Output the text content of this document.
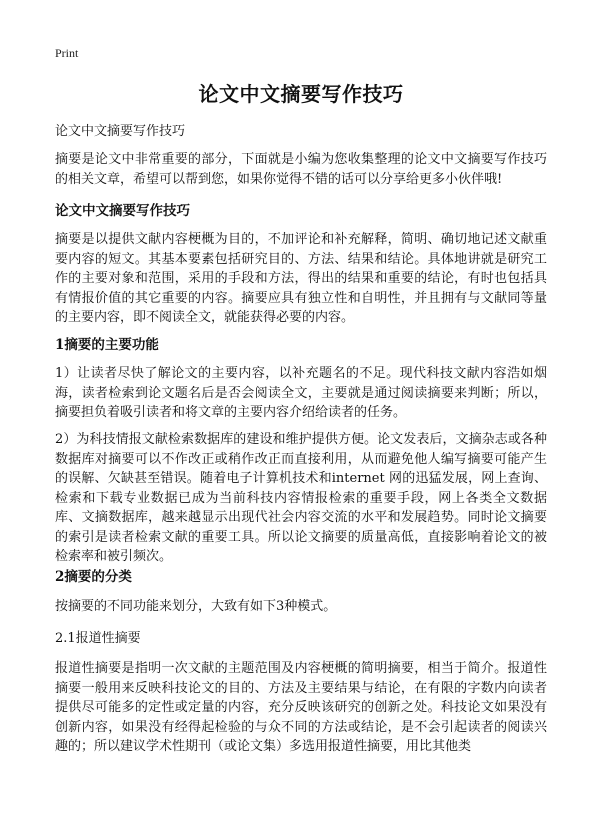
Print
论文中文摘要写作技巧

论文中文摘要写作技巧

摘要是论文中非常重要的部分，下面就是小编为您收集整理的论文中文摘要写作技巧的相关文章，希望可以帮到您，如果你觉得不错的话可以分享给更多小伙伴哦!

论文中文摘要写作技巧

摘要是以提供文献内容梗概为目的，不加评论和补充解释，简明、确切地记述文献重要内容的短文。其基本要素包括研究目的、方法、结果和结论。具体地讲就是研究工作的主要对象和范围，采用的手段和方法，得出的结果和重要的结论，有时也包括具有情报价值的其它重要的内容。摘要应具有独立性和自明性，并且拥有与文献同等量的主要内容，即不阅读全文，就能获得必要的内容。

1摘要的主要功能

1）让读者尽快了解论文的主要内容，以补充题名的不足。现代科技文献内容浩如烟海，读者检索到论文题名后是否会阅读全文，主要就是通过阅读摘要来判断；所以，摘要担负着吸引读者和将文章的主要内容介绍给读者的任务。

2）为科技情报文献检索数据库的建设和维护提供方便。论文发表后，文摘杂志或各种数据库对摘要可以不作改正或稍作改正而直接利用，从而避免他人编写摘要可能产生的误解、欠缺甚至错误。随着电子计算机技术和internet 网的迅猛发展，网上查询、检索和下载专业数据已成为当前科技内容情报检索的重要手段，网上各类全文数据库、文摘数据库，越来越显示出现代社会内容交流的水平和发展趋势。同时论文摘要的索引是读者检索文献的重要工具。所以论文摘要的质量高低，直接影响着论文的被检索率和被引频次。

2摘要的分类

按摘要的不同功能来划分，大致有如下3种模式。

2.1报道性摘要

报道性摘要是指明一次文献的主题范围及内容梗概的简明摘要，相当于简介。报道性摘要一般用来反映科技论文的目的、方法及主要结果与结论，在有限的字数内向读者提供尽可能多的定性或定量的内容，充分反映该研究的创新之处。科技论文如果没有创新内容，如果没有经得起检验的与众不同的方法或结论，是不会引起读者的阅读兴趣的；所以建议学术性期刊（或论文集）多选用报道性摘要，用比其他类
